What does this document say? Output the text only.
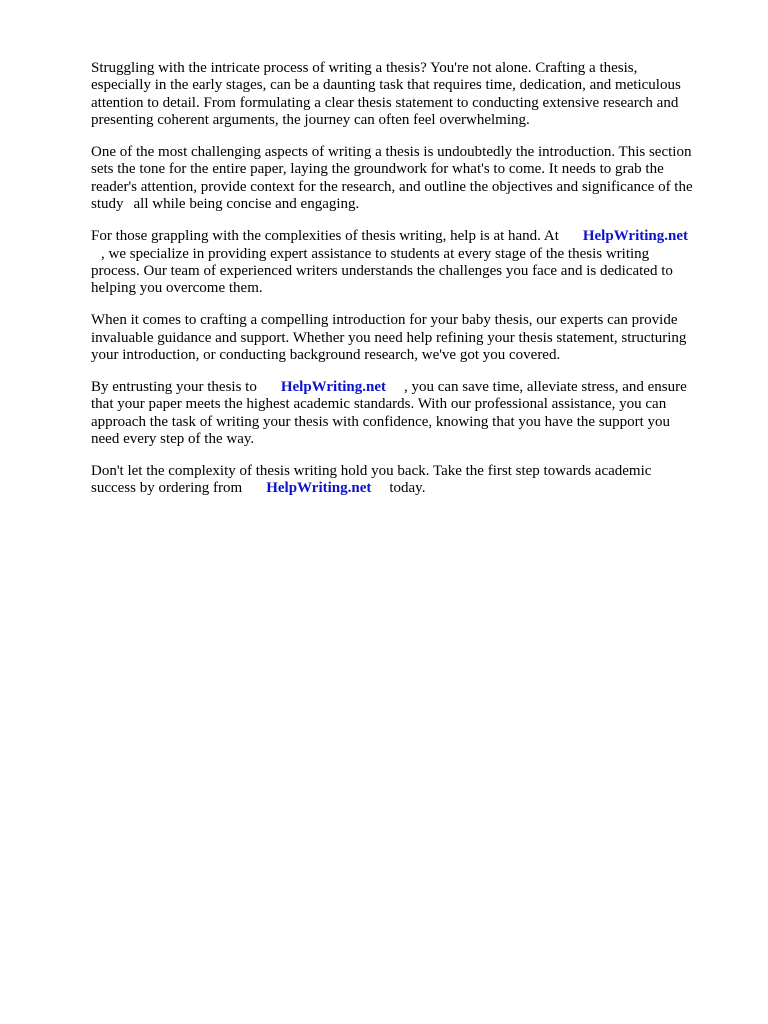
Struggling with the intricate process of writing a thesis? You're not alone. Crafting a thesis,
especially in the early stages, can be a daunting task that requires time, dedication, and meticulous
attention to detail. From formulating a clear thesis statement to conducting extensive research and
presenting coherent arguments, the journey can often feel overwhelming.
One of the most challenging aspects of writing a thesis is undoubtedly the introduction. This section
sets the tone for the entire paper, laying the groundwork for what's to come. It needs to grab the
reader's attention, provide context for the research, and outline the objectives and significance of the
study all while being concise and engaging.
For those grappling with the complexities of thesis writing, help is at hand. At HelpWriting.net
, we specialize in providing expert assistance to students at every stage of the thesis writing
process. Our team of experienced writers understands the challenges you face and is dedicated to
helping you overcome them.
When it comes to crafting a compelling introduction for your baby thesis, our experts can provide
invaluable guidance and support. Whether you need help refining your thesis statement, structuring
your introduction, or conducting background research, we've got you covered.
By entrusting your thesis to HelpWriting.net , you can save time, alleviate stress, and ensure
that your paper meets the highest academic standards. With our professional assistance, you can
approach the task of writing your thesis with confidence, knowing that you have the support you
need every step of the way.
Don't let the complexity of thesis writing hold you back. Take the first step towards academic
success by ordering from HelpWriting.net today.
